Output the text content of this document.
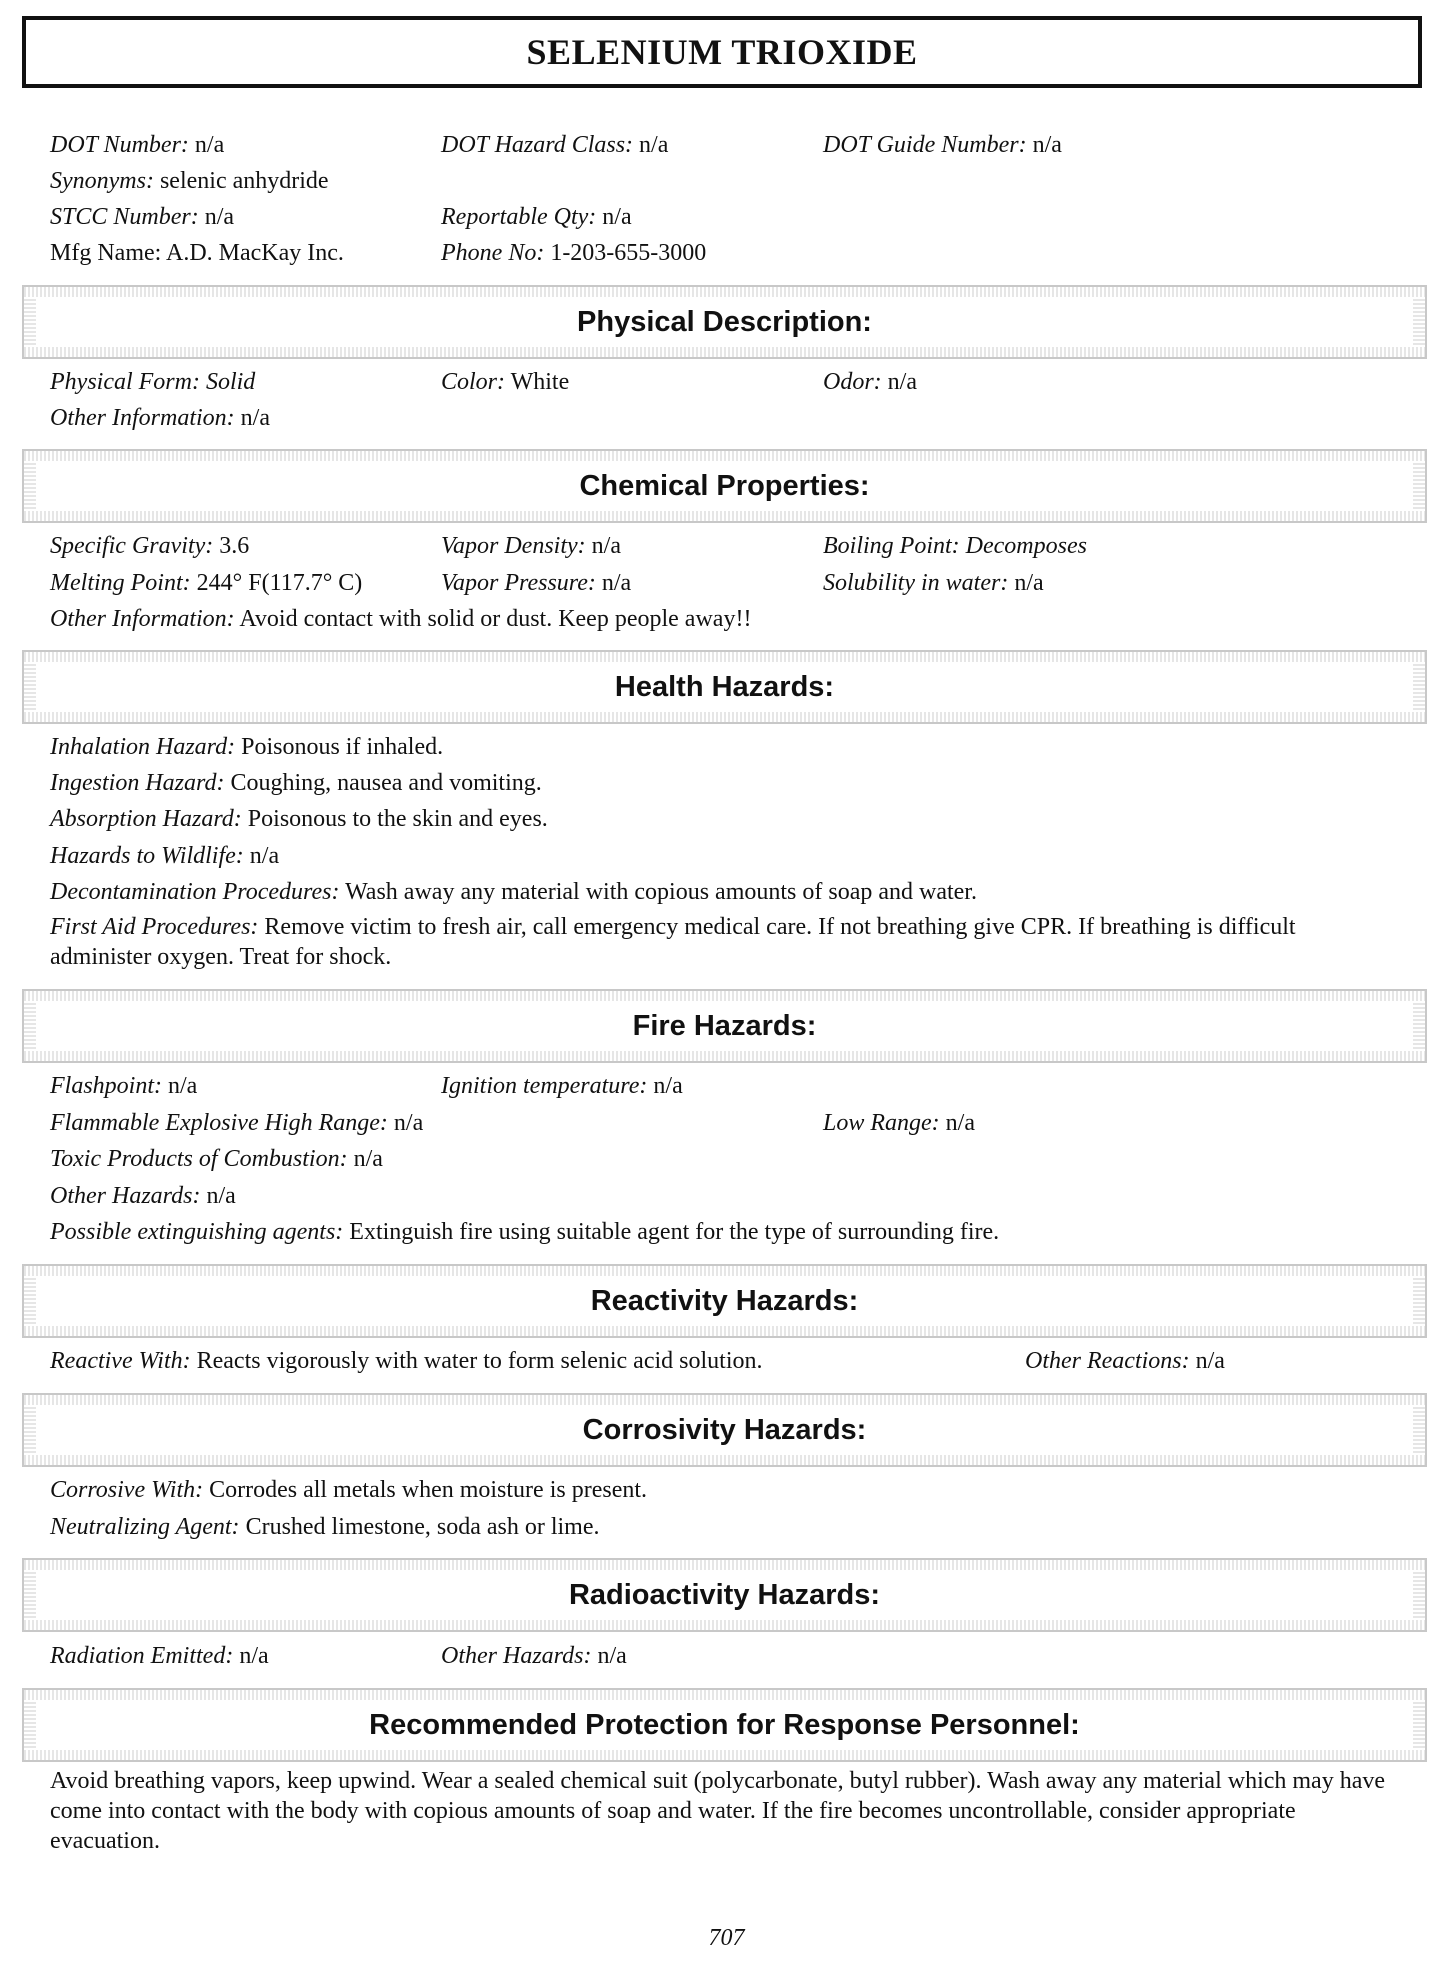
SELENIUM TRIOXIDE
DOT Number: n/a	DOT Hazard Class: n/a	DOT Guide Number: n/a
Synonyms: selenic anhydride
STCC Number: n/a	Reportable Qty: n/a
Mfg Name: A.D. MacKay Inc.	Phone No: 1-203-655-3000
Physical Description:
Physical Form: Solid	Color: White	Odor: n/a
Other Information: n/a
Chemical Properties:
Specific Gravity: 3.6	Vapor Density: n/a	Boiling Point: Decomposes
Melting Point: 244° F(117.7° C)	Vapor Pressure: n/a	Solubility in water: n/a
Other Information: Avoid contact with solid or dust. Keep people away!!
Health Hazards:
Inhalation Hazard: Poisonous if inhaled.
Ingestion Hazard: Coughing, nausea and vomiting.
Absorption Hazard: Poisonous to the skin and eyes.
Hazards to Wildlife: n/a
Decontamination Procedures: Wash away any material with copious amounts of soap and water.
First Aid Procedures: Remove victim to fresh air, call emergency medical care. If not breathing give CPR. If breathing is difficult administer oxygen. Treat for shock.
Fire Hazards:
Flashpoint: n/a	Ignition temperature: n/a
Flammable Explosive High Range: n/a	Low Range: n/a
Toxic Products of Combustion: n/a
Other Hazards: n/a
Possible extinguishing agents: Extinguish fire using suitable agent for the type of surrounding fire.
Reactivity Hazards:
Reactive With: Reacts vigorously with water to form selenic acid solution.	Other Reactions: n/a
Corrosivity Hazards:
Corrosive With: Corrodes all metals when moisture is present.
Neutralizing Agent: Crushed limestone, soda ash or lime.
Radioactivity Hazards:
Radiation Emitted: n/a	Other Hazards: n/a
Recommended Protection for Response Personnel:
Avoid breathing vapors, keep upwind. Wear a sealed chemical suit (polycarbonate, butyl rubber). Wash away any material which may have come into contact with the body with copious amounts of soap and water. If the fire becomes uncontrollable, consider appropriate evacuation.
707
